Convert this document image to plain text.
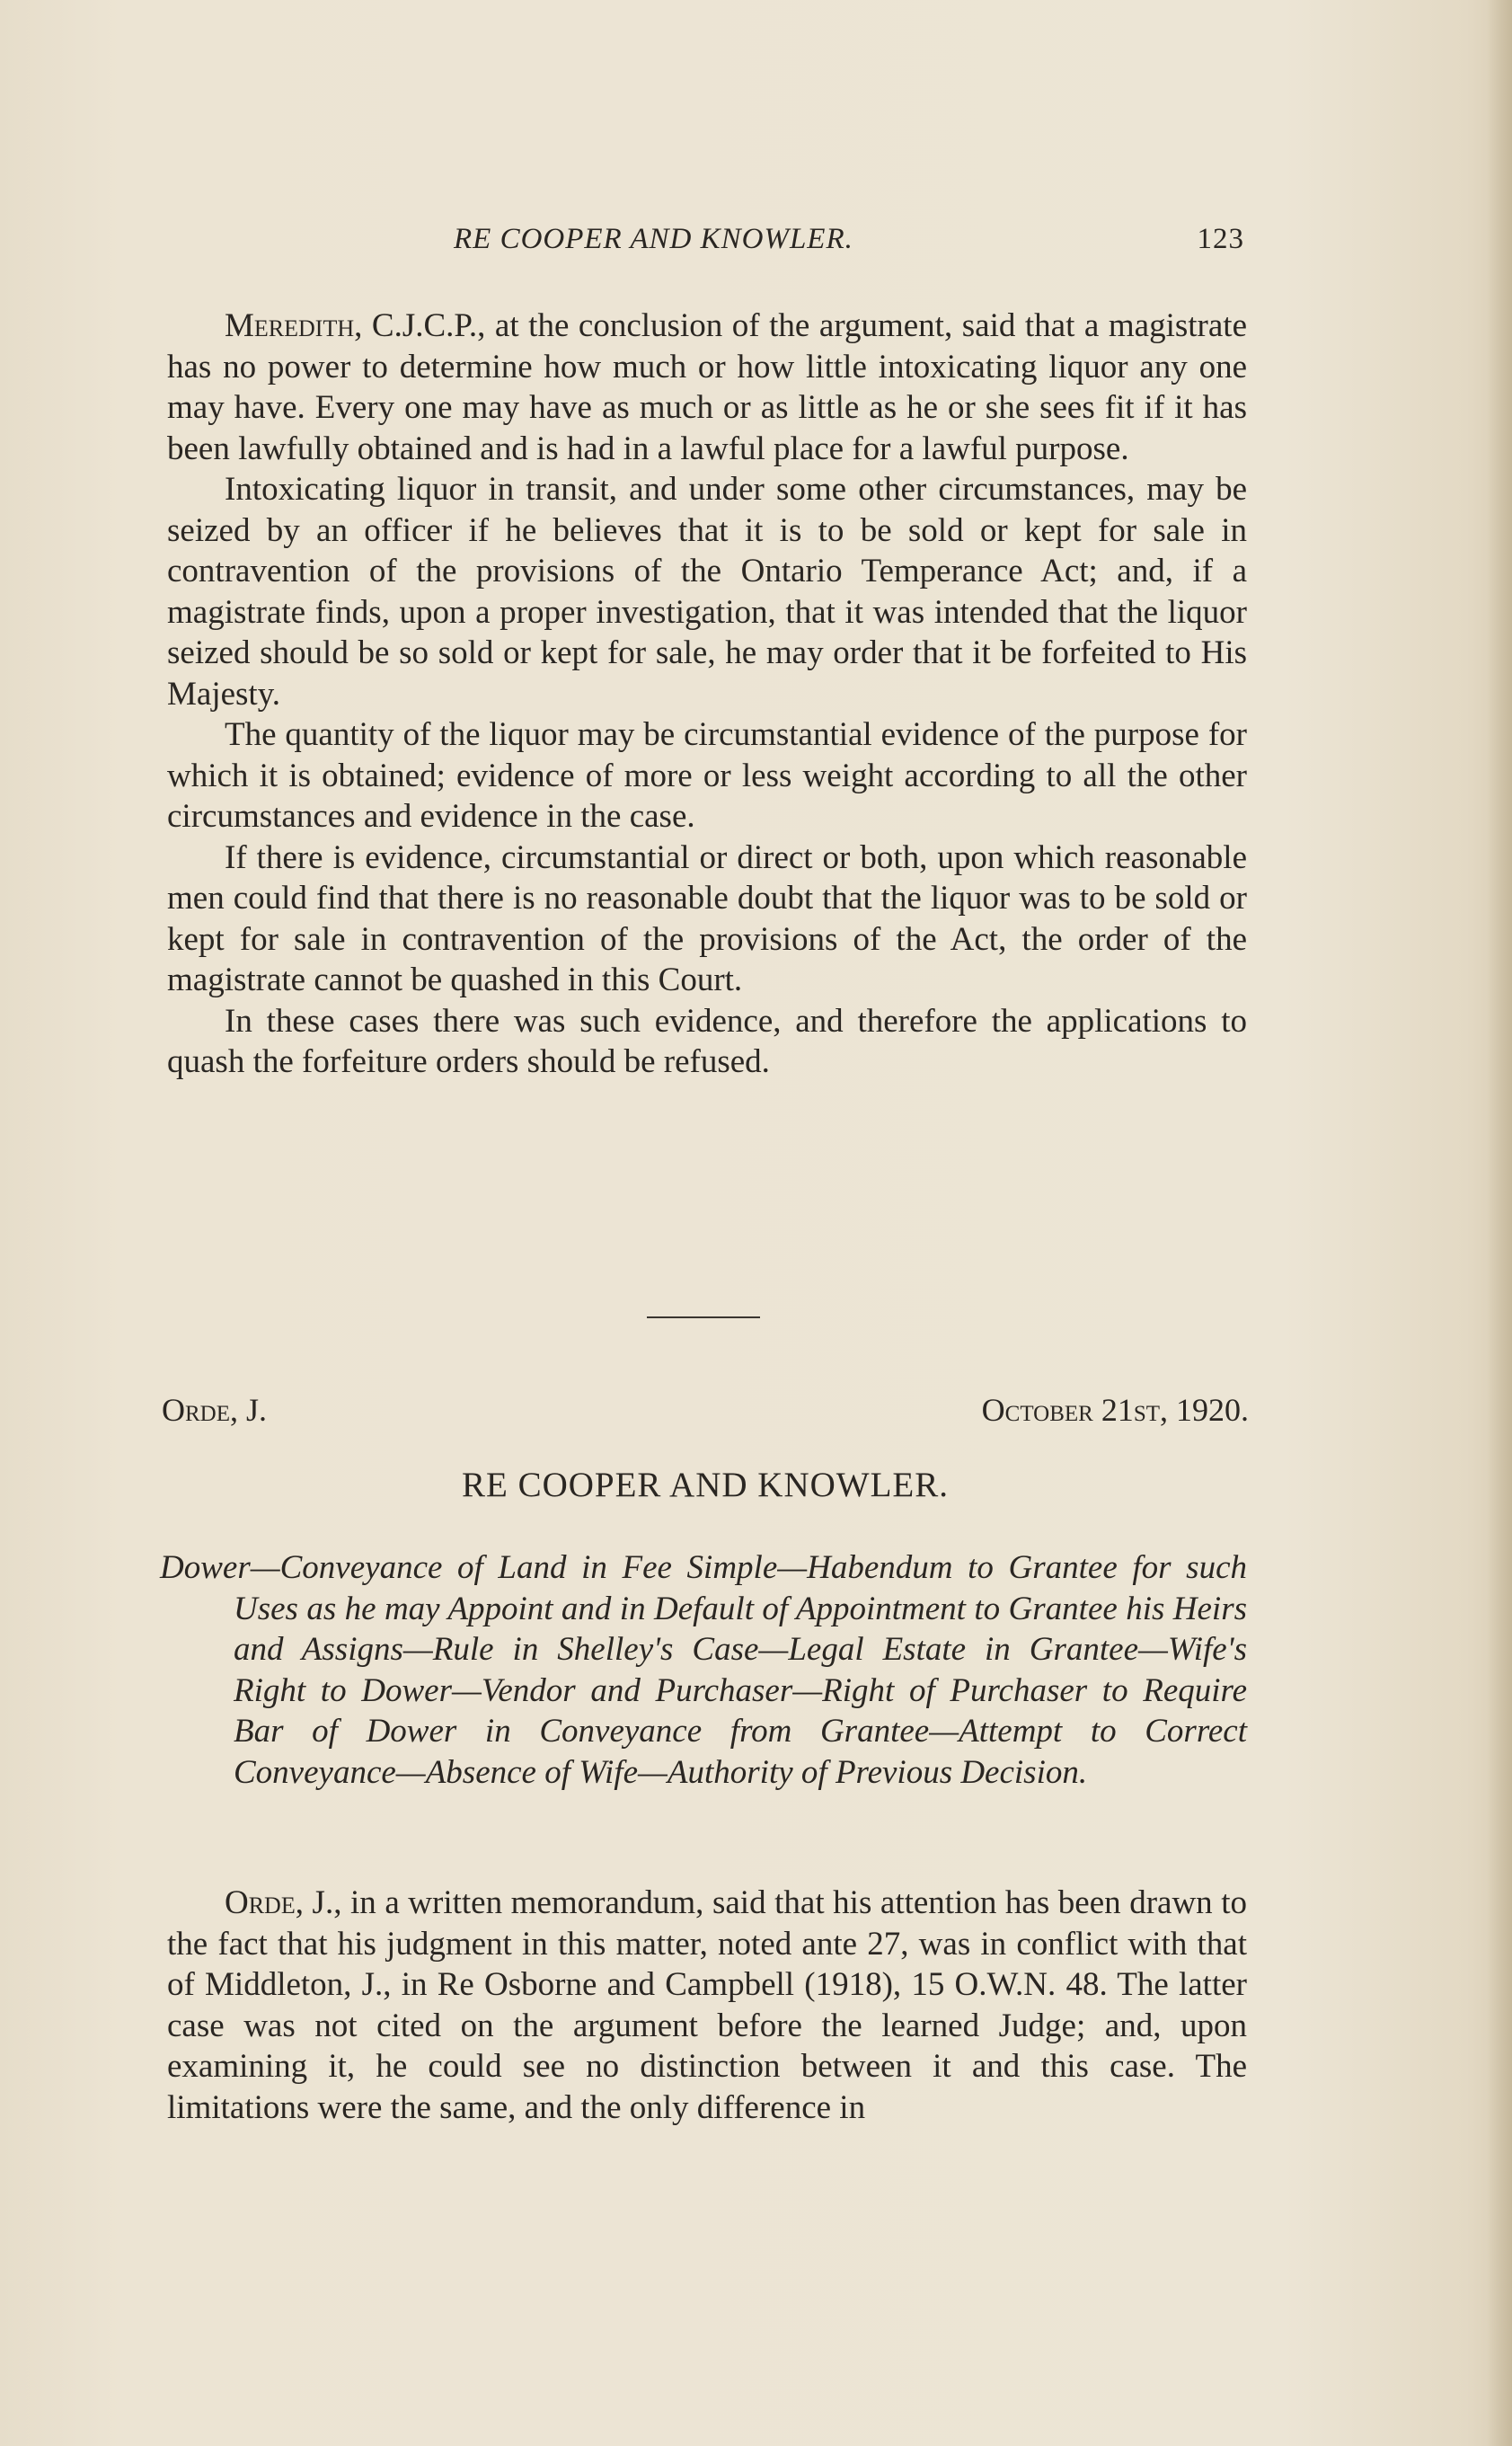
RE COOPER AND KNOWLER.	123

Meredith, C.J.C.P., at the conclusion of the argument, said that a magistrate has no power to determine how much or how little intoxicating liquor any one may have. Every one may have as much or as little as he or she sees fit if it has been lawfully obtained and is had in a lawful place for a lawful purpose.

Intoxicating liquor in transit, and under some other circumstances, may be seized by an officer if he believes that it is to be sold or kept for sale in contravention of the provisions of the Ontario Temperance Act; and, if a magistrate finds, upon a proper investigation, that it was intended that the liquor seized should be so sold or kept for sale, he may order that it be forfeited to His Majesty.

The quantity of the liquor may be circumstantial evidence of the purpose for which it is obtained; evidence of more or less weight according to all the other circumstances and evidence in the case.

If there is evidence, circumstantial or direct or both, upon which reasonable men could find that there is no reasonable doubt that the liquor was to be sold or kept for sale in contravention of the provisions of the Act, the order of the magistrate cannot be quashed in this Court.

In these cases there was such evidence, and therefore the applications to quash the forfeiture orders should be refused.

Orde, J.	October 21st, 1920.
RE COOPER AND KNOWLER.
Dower—Conveyance of Land in Fee Simple—Habendum to Grantee for such Uses as he may Appoint and in Default of Appointment to Grantee his Heirs and Assigns—Rule in Shelley's Case—Legal Estate in Grantee—Wife's Right to Dower—Vendor and Purchaser—Right of Purchaser to Require Bar of Dower in Conveyance from Grantee—Attempt to Correct Conveyance—Absence of Wife—Authority of Previous Decision.

Orde, J., in a written memorandum, said that his attention has been drawn to the fact that his judgment in this matter, noted ante 27, was in conflict with that of Middleton, J., in Re Osborne and Campbell (1918), 15 O.W.N. 48. The latter case was not cited on the argument before the learned Judge; and, upon examining it, he could see no distinction between it and this case. The limitations were the same, and the only difference in
